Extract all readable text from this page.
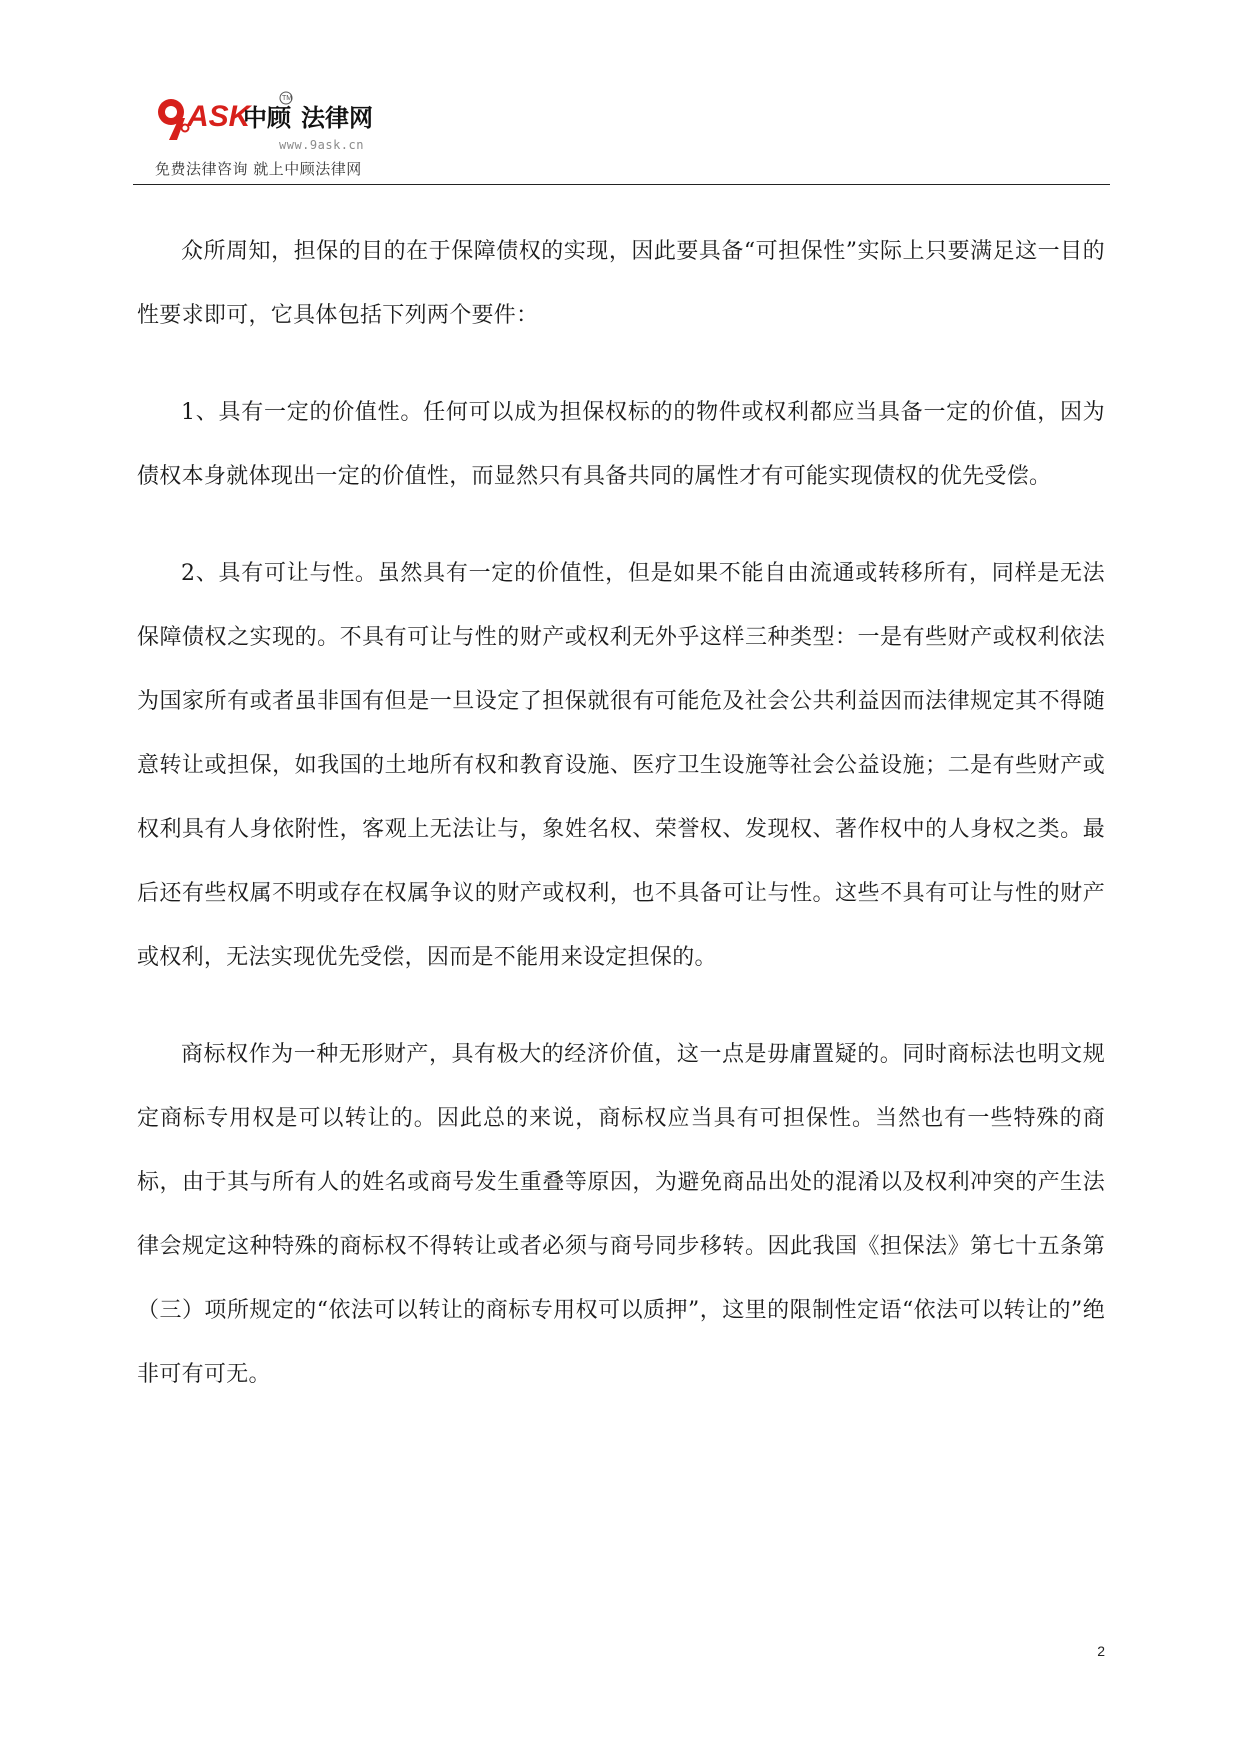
ASK
中顾
TM
法律网
www.9ask.cn
免费法律咨询 就上中顾法律网

众所周知，担保的目的在于保障债权的实现，因此要具备“可担保性”实际上只要满足这一目的性要求即可，它具体包括下列两个要件：

1、具有一定的价值性。任何可以成为担保权标的的物件或权利都应当具备一定的价值，因为债权本身就体现出一定的价值性，而显然只有具备共同的属性才有可能实现债权的优先受偿。

2、具有可让与性。虽然具有一定的价值性，但是如果不能自由流通或转移所有，同样是无法保障债权之实现的。不具有可让与性的财产或权利无外乎这样三种类型：一是有些财产或权利依法为国家所有或者虽非国有但是一旦设定了担保就很有可能危及社会公共利益因而法律规定其不得随意转让或担保，如我国的土地所有权和教育设施、医疗卫生设施等社会公益设施；二是有些财产或权利具有人身依附性，客观上无法让与，象姓名权、荣誉权、发现权、著作权中的人身权之类。最后还有些权属不明或存在权属争议的财产或权利，也不具备可让与性。这些不具有可让与性的财产或权利，无法实现优先受偿，因而是不能用来设定担保的。

商标权作为一种无形财产，具有极大的经济价值，这一点是毋庸置疑的。同时商标法也明文规定商标专用权是可以转让的。因此总的来说，商标权应当具有可担保性。当然也有一些特殊的商标，由于其与所有人的姓名或商号发生重叠等原因，为避免商品出处的混淆以及权利冲突的产生法律会规定这种特殊的商标权不得转让或者必须与商号同步移转。因此我国《担保法》第七十五条第（三）项所规定的“依法可以转让的商标专用权可以质押”，这里的限制性定语“依法可以转让的”绝非可有可无。

2
